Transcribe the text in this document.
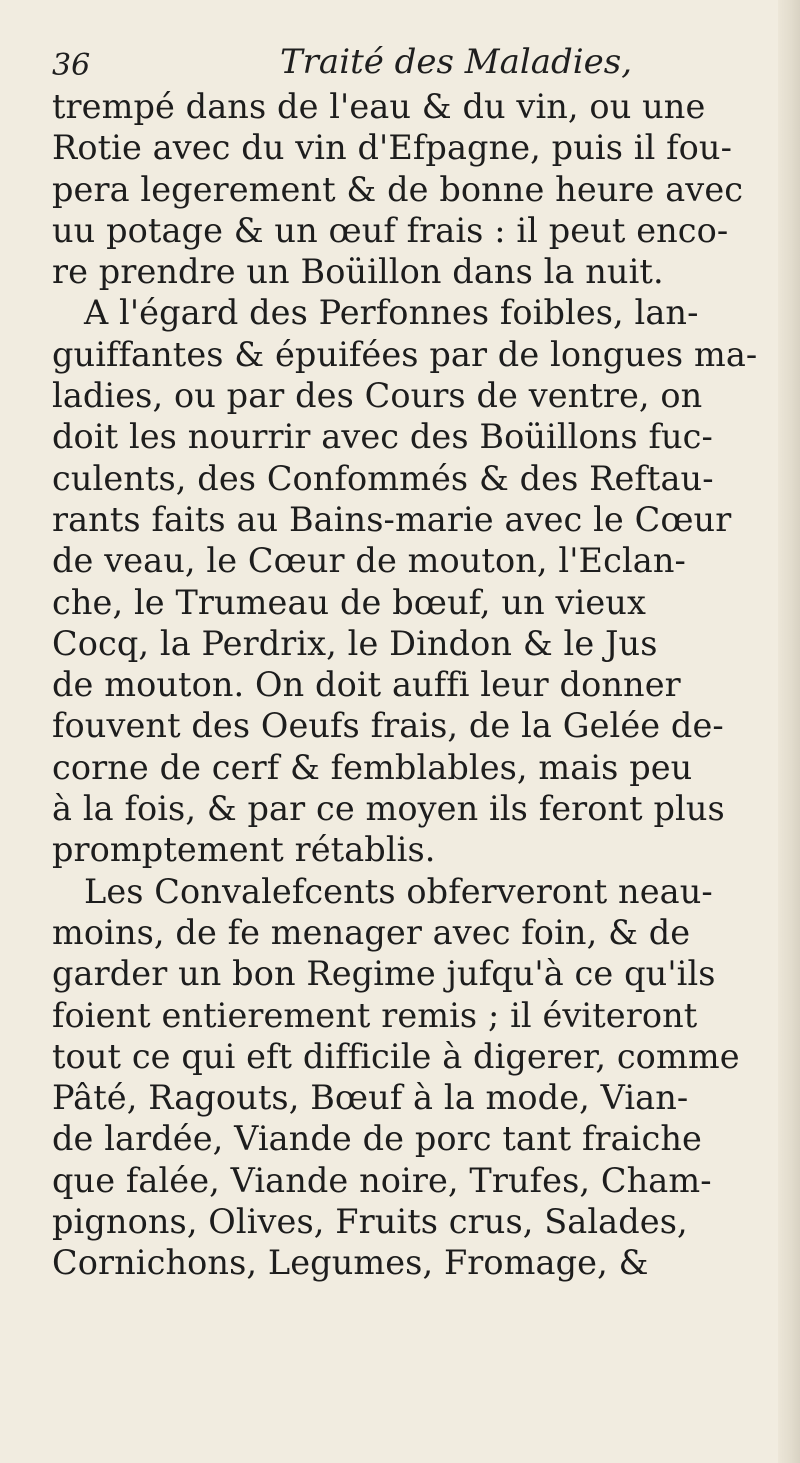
36	Traité des Maladies,
trempé dans de l'eau & du vin, ou une
Rotie avec du vin d'Efpagne, puis il fou-
pera legerement & de bonne heure avec
uu potage & un œuf frais : il peut enco-
re prendre un Boüillon dans la nuit.
A l'égard des Perfonnes foibles, lan-
guiffantes & épuifées par de longues ma-
ladies, ou par des Cours de ventre, on
doit les nourrir avec des Boüillons fuc-
culents, des Confommés & des Reftau-
rants faits au Bains-marie avec le Cœur
de veau, le Cœur de mouton, l'Eclan-
che, le Trumeau de bœuf, un vieux
Cocq, la Perdrix, le Dindon & le Jus
de mouton. On doit auffi leur donner
fouvent des Oeufs frais, de la Gelée de-
corne de cerf & femblables, mais peu
à la fois, & par ce moyen ils feront plus
promptement rétablis.
Les Convalefcents obferveront neau-
moins, de fe menager avec foin, & de
garder un bon Regime jufqu'à ce qu'ils
foient entierement remis ; il éviteront
tout ce qui eft difficile à digerer, comme
Pâté, Ragouts, Bœuf à la mode, Vian-
de lardée, Viande de porc tant fraiche
que falée, Viande noire, Trufes, Cham-
pignons, Olives, Fruits crus, Salades,
Cornichons, Legumes, Fromage, &
